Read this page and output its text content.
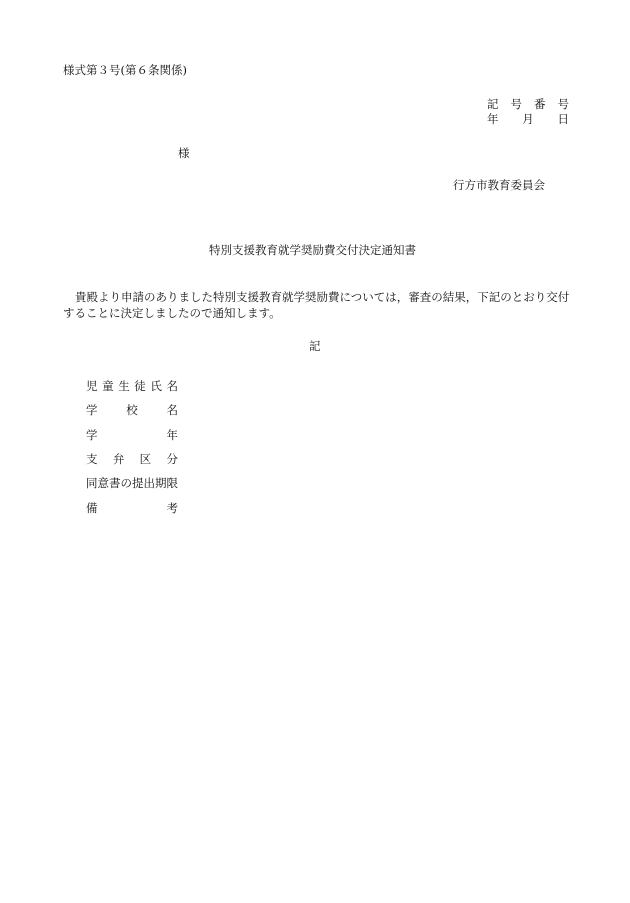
様式第３号(第６条関係)
記 号 番 号
年 月 日
様
行方市教育委員会
特別支援教育就学奨励費交付決定通知書
貴殿より申請のありました特別支援教育就学奨励費については，審査の結果，下記のとおり交付することに決定しましたので通知します。
記
児 童 生 徒 氏 名
学	校	名
学	年
支 弁 区 分
同意書の提出期限
備	考
